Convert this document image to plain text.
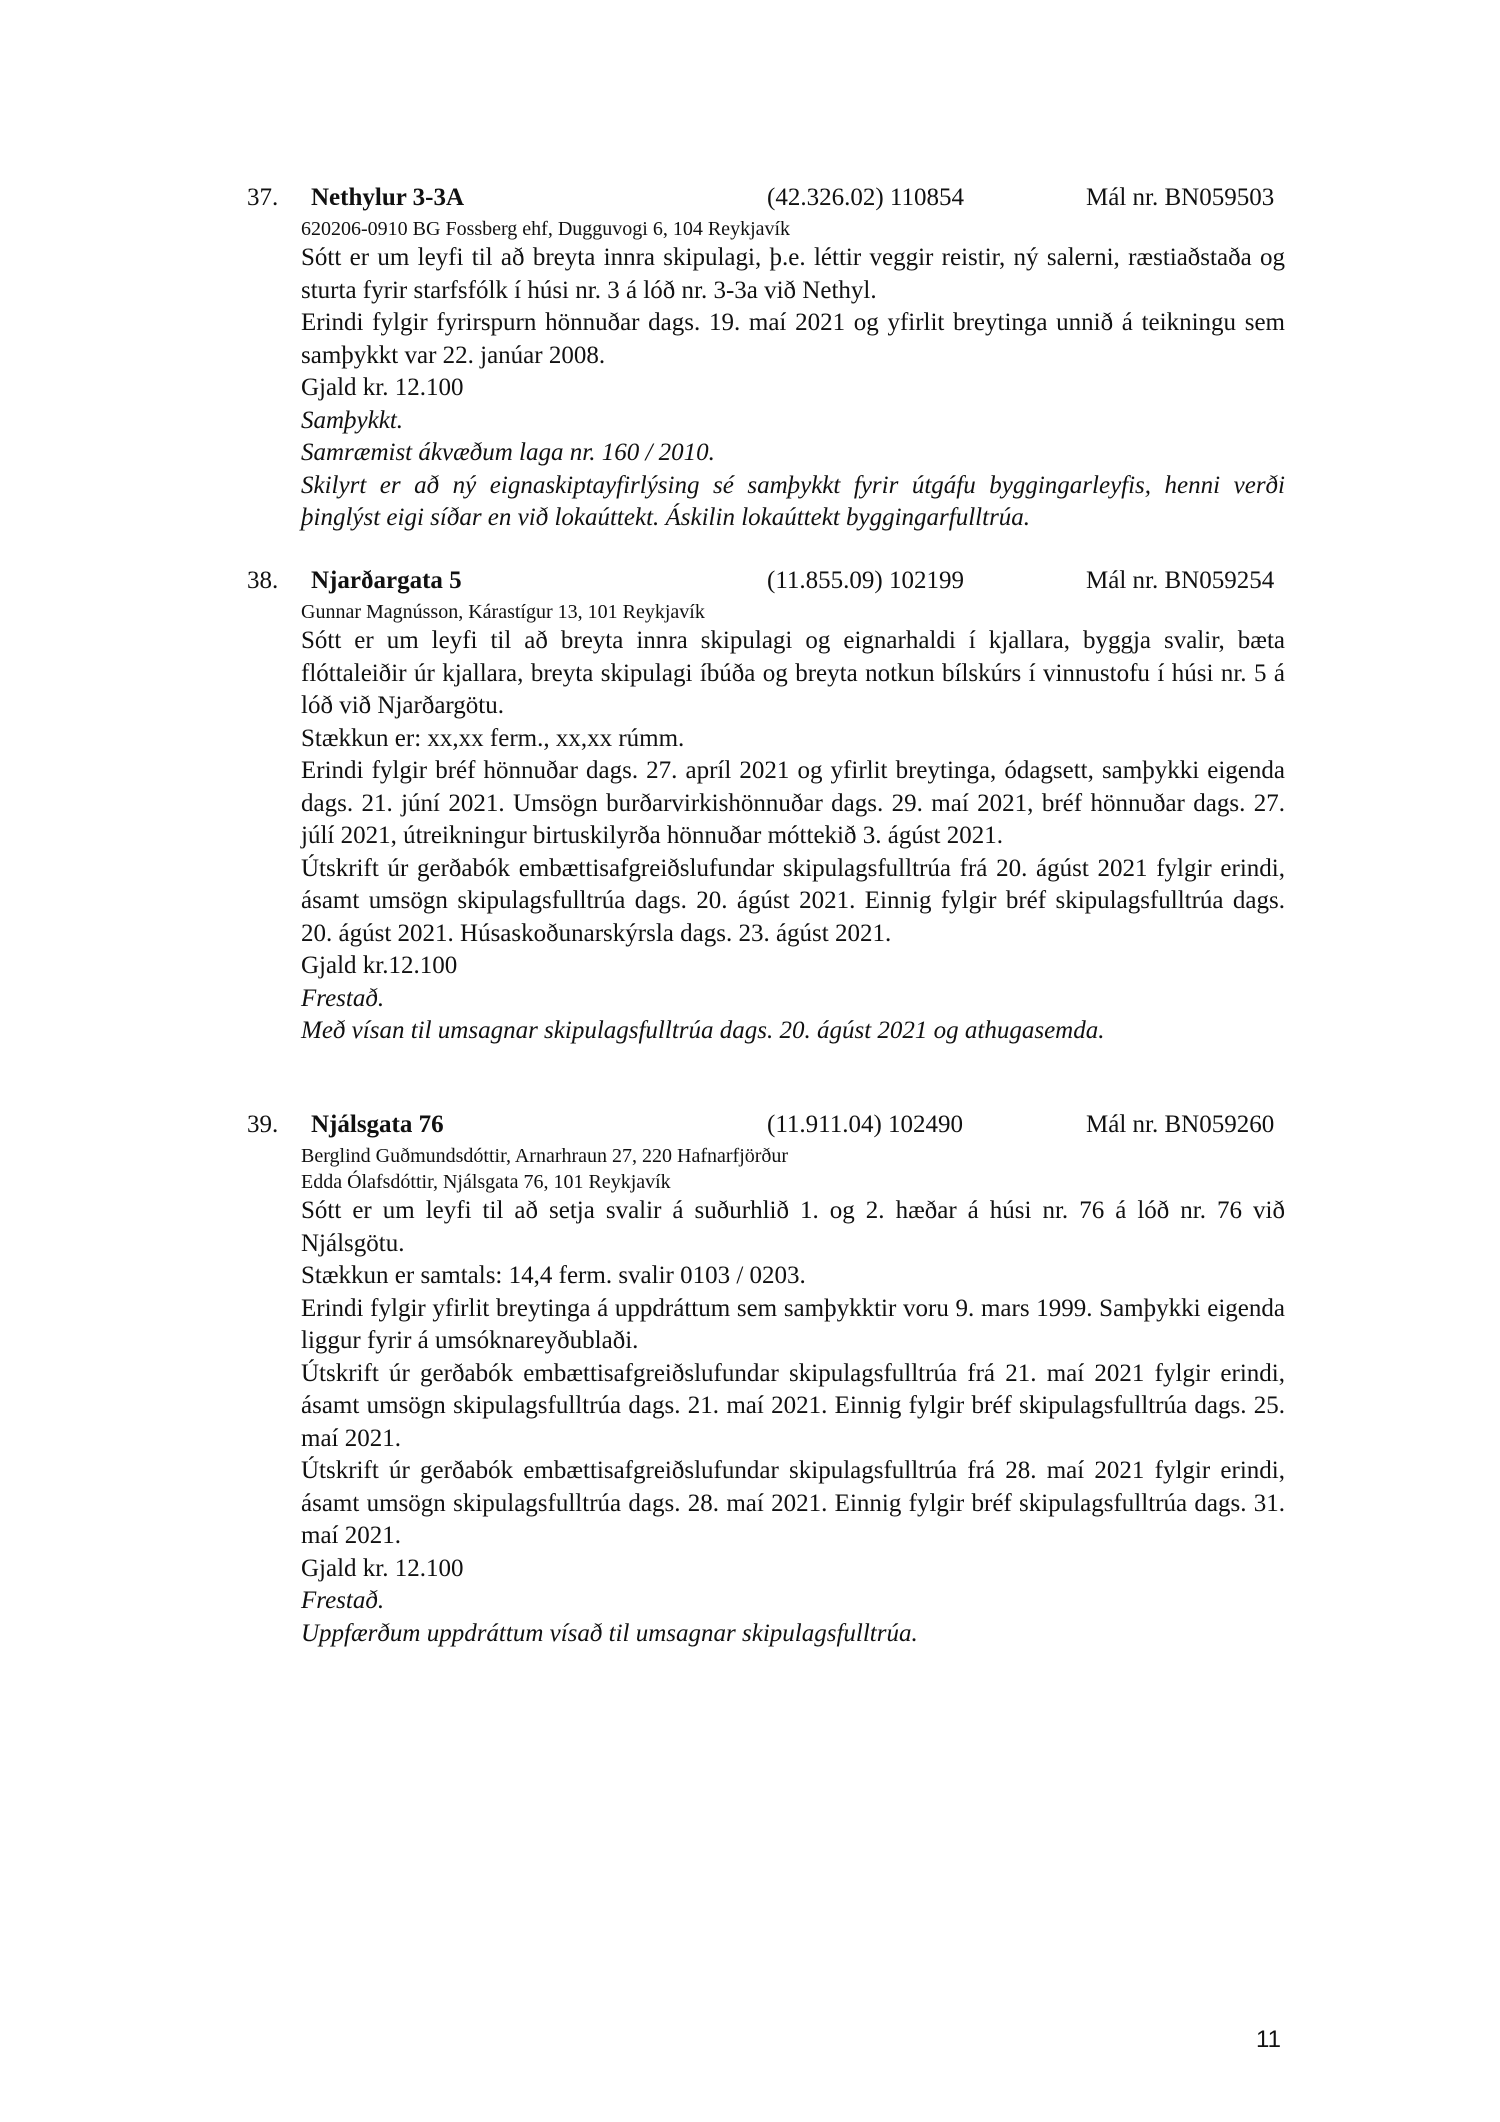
37. Nethylur 3-3A	(42.326.02) 110854	Mál nr. BN059503
620206-0910 BG Fossberg ehf, Dugguvogi 6, 104 Reykjavík
Sótt er um leyfi til að breyta innra skipulagi, þ.e. léttir veggir reistir, ný salerni, ræstiaðstaða og sturta fyrir starfsfólk í húsi nr. 3 á lóð nr. 3-3a við Nethyl.
Erindi fylgir fyrirspurn hönnuðar dags. 19. maí 2021 og yfirlit breytinga unnið á teikningu sem samþykkt var 22. janúar 2008.
Gjald kr. 12.100
Samþykkt.
Samræmist ákvæðum laga nr. 160 / 2010.
Skilyrt er að ný eignaskiptayfirlýsing sé samþykkt fyrir útgáfu byggingarleyfis, henni verði þinglýst eigi síðar en við lokaúttekt. Áskilin lokaúttekt byggingarfulltrúa.
38. Njarðargata 5	(11.855.09) 102199	Mál nr. BN059254
Gunnar Magnússon, Kárastígur 13, 101 Reykjavík
Sótt er um leyfi til að breyta innra skipulagi og eignarhaldi í kjallara, byggja svalir, bæta flóttaleiðir úr kjallara, breyta skipulagi íbúða og breyta notkun bílskúrs í vinnustofu í húsi nr. 5 á lóð við Njarðargötu.
Stækkun er: xx,xx ferm., xx,xx rúmm.
Erindi fylgir bréf hönnuðar dags. 27. apríl 2021 og yfirlit breytinga, ódagsett, samþykki eigenda dags. 21. júní 2021. Umsögn burðarvirkishönnuðar dags. 29. maí 2021, bréf hönnuðar dags. 27. júlí 2021, útreikningur birtuskilyrða hönnuðar móttekið 3. ágúst 2021.
Útskrift úr gerðabók embættisafgreiðslufundar skipulagsfulltrúa frá 20. ágúst 2021 fylgir erindi, ásamt umsögn skipulagsfulltrúa dags. 20. ágúst 2021. Einnig fylgir bréf skipulagsfulltrúa dags. 20. ágúst 2021. Húsaskoðunarskýrsla dags. 23. ágúst 2021.
Gjald kr.12.100
Frestað.
Með vísan til umsagnar skipulagsfulltrúa dags. 20. ágúst 2021 og athugasemda.
39. Njálsgata 76	(11.911.04) 102490	Mál nr. BN059260
Berglind Guðmundsdóttir, Arnarhraun 27, 220 Hafnarfjörður
Edda Ólafsdóttir, Njálsgata 76, 101 Reykjavík
Sótt er um leyfi til að setja svalir á suðurhlið 1. og 2. hæðar á húsi nr. 76 á lóð nr. 76 við Njálsgötu.
Stækkun er samtals: 14,4 ferm. svalir 0103 / 0203.
Erindi fylgir yfirlit breytinga á uppdráttum sem samþykktir voru 9. mars 1999. Samþykki eigenda liggur fyrir á umsóknareyðublaði.
Útskrift úr gerðabók embættisafgreiðslufundar skipulagsfulltrúa frá 21. maí 2021 fylgir erindi, ásamt umsögn skipulagsfulltrúa dags. 21. maí 2021. Einnig fylgir bréf skipulagsfulltrúa dags. 25. maí 2021.
Útskrift úr gerðabók embættisafgreiðslufundar skipulagsfulltrúa frá 28. maí 2021 fylgir erindi, ásamt umsögn skipulagsfulltrúa dags. 28. maí 2021. Einnig fylgir bréf skipulagsfulltrúa dags. 31. maí 2021.
Gjald kr. 12.100
Frestað.
Uppfærðum uppdráttum vísað til umsagnar skipulagsfulltrúa.
11
